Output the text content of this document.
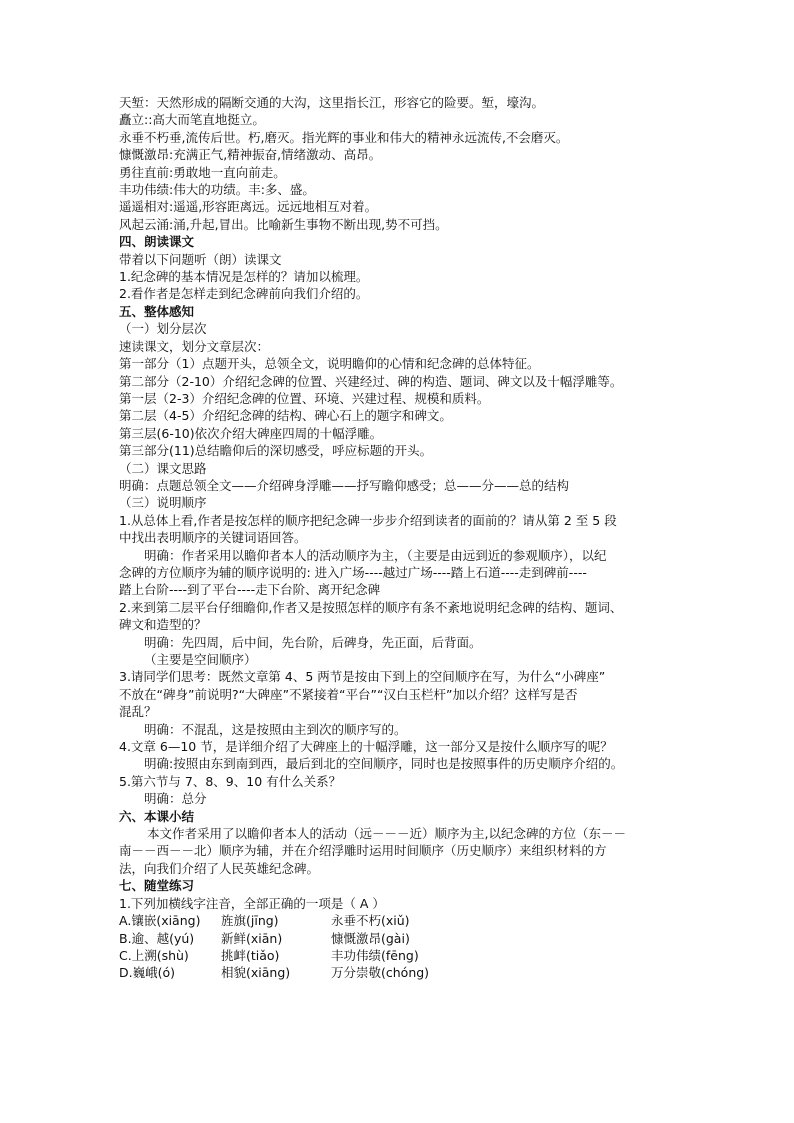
天堑：天然形成的隔断交通的大沟，这里指长江，形容它的险要。堑，壕沟。
矗立::高大而笔直地挺立。
永垂不朽垂,流传后世。朽,磨灭。指光辉的事业和伟大的精神永远流传,不会磨灭。
慷慨激昂:充满正气,精神振奋,情绪激动、高昂。
勇往直前:勇敢地一直向前走。
丰功伟绩:伟大的功绩。丰:多、盛。
遥遥相对:遥遥,形容距离远。远远地相互对着。
风起云涌:涌,升起,冒出。比喻新生事物不断出现,势不可挡。
四、朗读课文
带着以下问题听（朗）读课文
1.纪念碑的基本情况是怎样的？请加以梳理。
2.看作者是怎样走到纪念碑前向我们介绍的。
五、整体感知
（一）划分层次
速读课文，划分文章层次：
第一部分（1）点题开头，总领全文，说明瞻仰的心情和纪念碑的总体特征。
第二部分（2-10）介绍纪念碑的位置、兴建经过、碑的构造、题词、碑文以及十幅浮雕等。
第一层（2-3）介绍纪念碑的位置、环境、兴建过程、规模和质料。
第二层（4-5）介绍纪念碑的结构、碑心石上的题字和碑文。
第三层(6-10)依次介绍大碑座四周的十幅浮雕。
第三部分(11)总结瞻仰后的深切感受，呼应标题的开头。
（二）课文思路
明确：点题总领全文——介绍碑身浮雕——抒写瞻仰感受；总——分——总的结构
（三）说明顺序
1.从总体上看,作者是按怎样的顺序把纪念碑一步步介绍到读者的面前的？请从第 2 至 5 段
中找出表明顺序的关键词语回答。
明确：作者采用以瞻仰者本人的活动顺序为主，（主要是由远到近的参观顺序），以纪
念碑的方位顺序为辅的顺序说明的: 进入广场----越过广场----踏上石道----走到碑前----
踏上台阶----到了平台----走下台阶、离开纪念碑
2.来到第二层平台仔细瞻仰,作者又是按照怎样的顺序有条不紊地说明纪念碑的结构、题词、
碑文和造型的？
明确：先四周，后中间，先台阶，后碑身，先正面，后背面。
（主要是空间顺序）
3.请同学们思考：既然文章第 4、5 两节是按由下到上的空间顺序在写，为什么“小碑座”
不放在“碑身”前说明?“大碑座”不紧接着“平台”“汉白玉栏杆”加以介绍？这样写是否
混乱？
明确：不混乱，这是按照由主到次的顺序写的。
4.文章 6—10 节，是详细介绍了大碑座上的十幅浮雕，这一部分又是按什么顺序写的呢？
明确:按照由东到南到西，最后到北的空间顺序，同时也是按照事件的历史顺序介绍的。
5.第六节与 7、8、9、10 有什么关系？
明确：总分
六、本课小结
本文作者采用了以瞻仰者本人的活动（远－－－近）顺序为主,以纪念碑的方位（东－－
南－－西－－北）顺序为辅，并在介绍浮雕时运用时间顺序（历史顺序）来组织材料的方
法，向我们介绍了人民英雄纪念碑。
七、随堂练习
1.下列加横线字注音，全部正确的一项是（ A ）
A.镶嵌(xiāng)	旌旗(jīng)	永垂不朽(xiǔ)
B.逾、越(yú)	新鲜(xiān)	慷慨激昂(gài)
C.上溯(shù)	挑衅(tiǎo)	丰功伟绩(fēng)
D.巍峨(ó)	相貌(xiāng)	万分崇敬(chóng)
